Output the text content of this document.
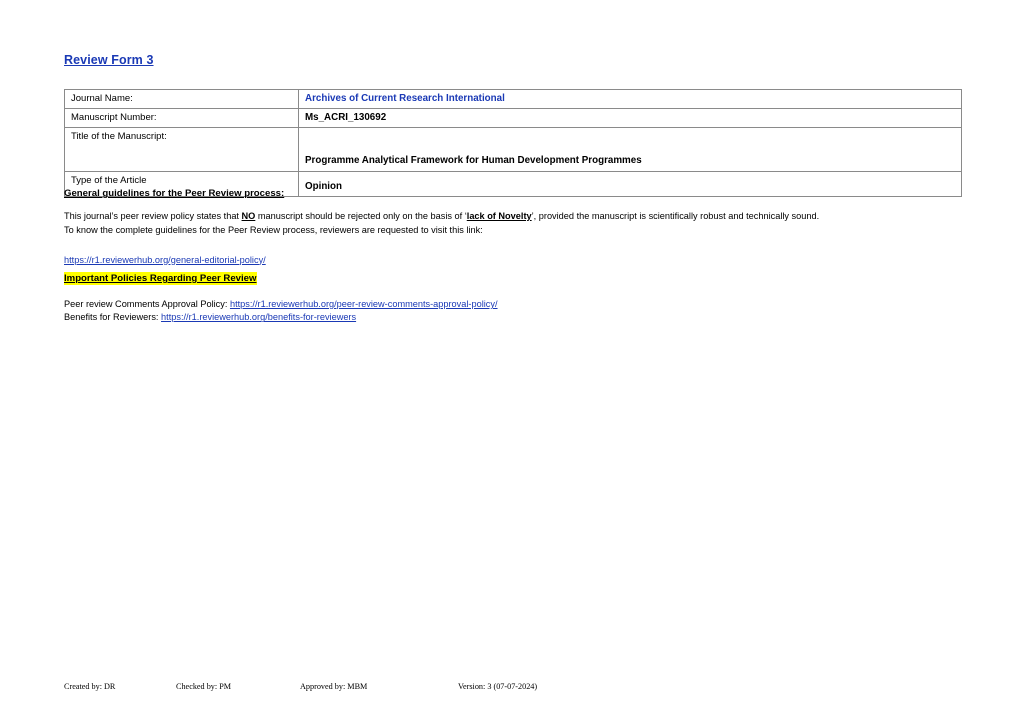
Review Form 3
Journal Name:	Archives of Current Research International
Manuscript Number:	Ms_ACRI_130692
Title of the Manuscript:	Programme Analytical Framework for Human Development Programmes
Type of the Article	Opinion
General guidelines for the Peer Review process:

This journal’s peer review policy states that NO manuscript should be rejected only on the basis of ‘lack of Novelty’, provided the manuscript is scientifically robust and technically sound.
To know the complete guidelines for the Peer Review process, reviewers are requested to visit this link:

https://r1.reviewerhub.org/general-editorial-policy/
Important Policies Regarding Peer Review
Peer review Comments Approval Policy: https://r1.reviewerhub.org/peer-review-comments-approval-policy/
Benefits for Reviewers: https://r1.reviewerhub.org/benefits-for-reviewers
Created by: DR	Checked by: PM	Approved by: MBM	Version: 3 (07-07-2024)
